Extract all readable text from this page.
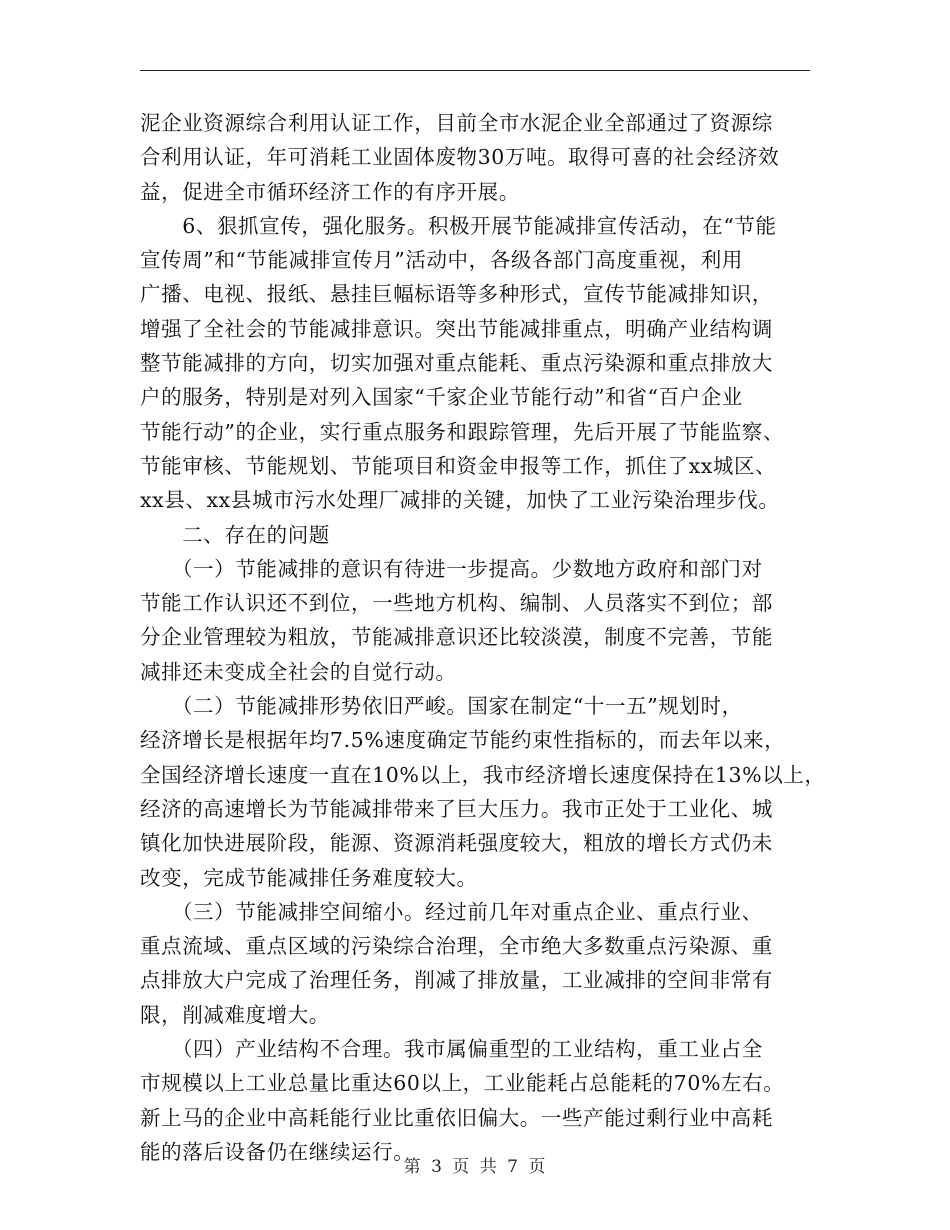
泥企业资源综合利用认证工作，目前全市水泥企业全部通过了资源综
合利用认证，年可消耗工业固体废物30万吨。取得可喜的社会经济效
益，促进全市循环经济工作的有序开展。
　　6、狠抓宣传，强化服务。积极开展节能减排宣传活动，在“节能
宣传周”和“节能减排宣传月”活动中，各级各部门高度重视，利用
广播、电视、报纸、悬挂巨幅标语等多种形式，宣传节能减排知识，
增强了全社会的节能减排意识。突出节能减排重点，明确产业结构调
整节能减排的方向，切实加强对重点能耗、重点污染源和重点排放大
户的服务，特别是对列入国家“千家企业节能行动”和省“百户企业
节能行动”的企业，实行重点服务和跟踪管理，先后开展了节能监察、
节能审核、节能规划、节能项目和资金申报等工作，抓住了xx城区、
xx县、xx县城市污水处理厂减排的关键，加快了工业污染治理步伐。
　　二、存在的问题
　　（一）节能减排的意识有待进一步提高。少数地方政府和部门对
节能工作认识还不到位，一些地方机构、编制、人员落实不到位；部
分企业管理较为粗放，节能减排意识还比较淡漠，制度不完善，节能
减排还未变成全社会的自觉行动。
　　（二）节能减排形势依旧严峻。国家在制定“十一五”规划时，
经济增长是根据年均7.5%速度确定节能约束性指标的，而去年以来，
全国经济增长速度一直在10%以上，我市经济增长速度保持在13%以上，
经济的高速增长为节能减排带来了巨大压力。我市正处于工业化、城
镇化加快进展阶段，能源、资源消耗强度较大，粗放的增长方式仍未
改变，完成节能减排任务难度较大。
　　（三）节能减排空间缩小。经过前几年对重点企业、重点行业、
重点流域、重点区域的污染综合治理，全市绝大多数重点污染源、重
点排放大户完成了治理任务，削减了排放量，工业减排的空间非常有
限，削减难度增大。
　　（四）产业结构不合理。我市属偏重型的工业结构，重工业占全
市规模以上工业总量比重达60以上，工业能耗占总能耗的70%左右。
新上马的企业中高耗能行业比重依旧偏大。一些产能过剩行业中高耗
能的落后设备仍在继续运行。
第 3 页 共 7 页
